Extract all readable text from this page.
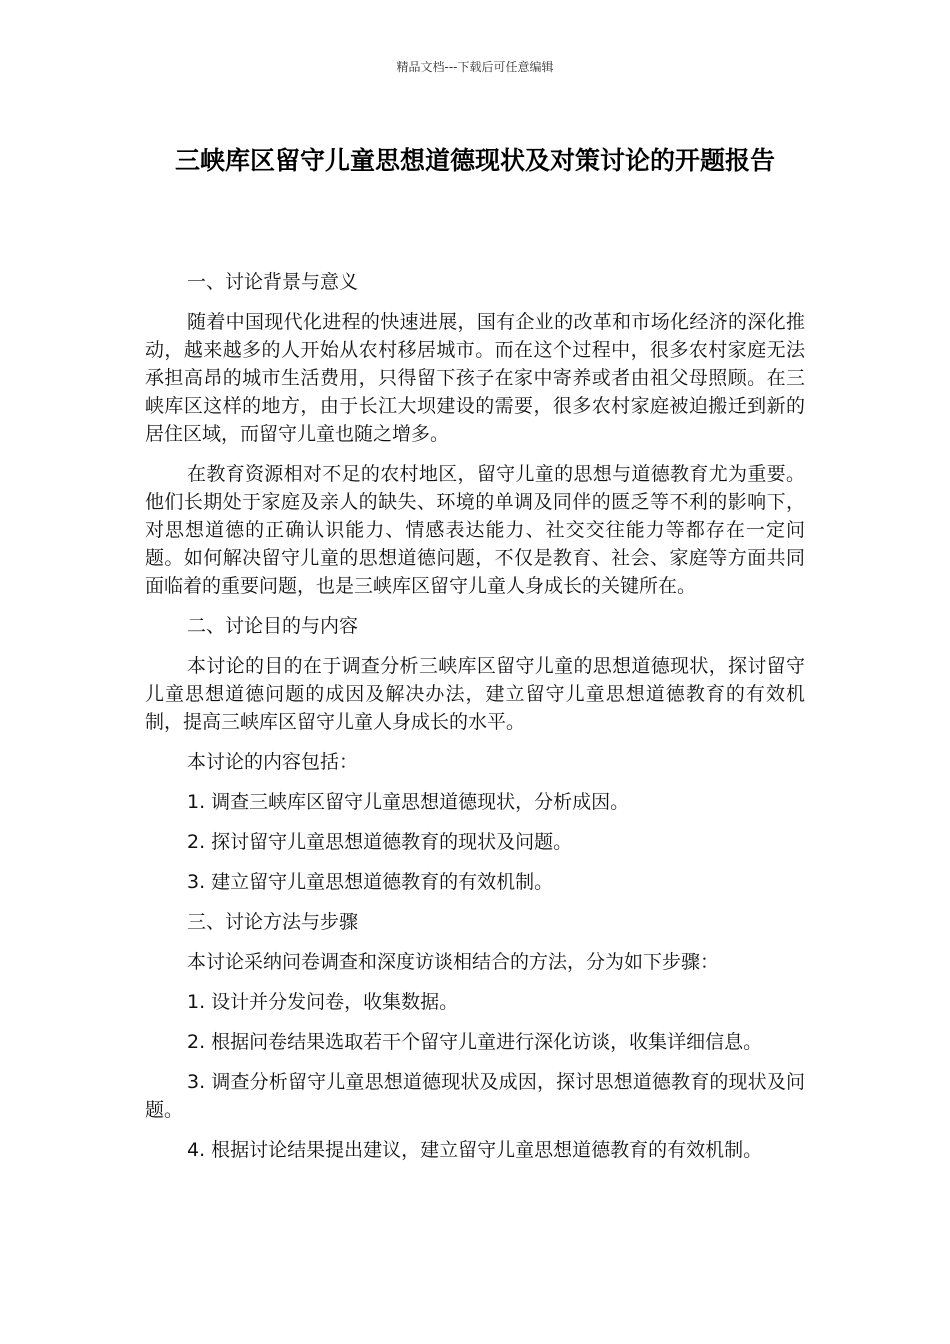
精品文档---下载后可任意编辑
三峡库区留守儿童思想道德现状及对策讨论的开题报告

一、讨论背景与意义

随着中国现代化进程的快速进展，国有企业的改革和市场化经济的深化推动，越来越多的人开始从农村移居城市。而在这个过程中，很多农村家庭无法承担高昂的城市生活费用，只得留下孩子在家中寄养或者由祖父母照顾。在三峡库区这样的地方，由于长江大坝建设的需要，很多农村家庭被迫搬迁到新的居住区域，而留守儿童也随之增多。

在教育资源相对不足的农村地区，留守儿童的思想与道德教育尤为重要。他们长期处于家庭及亲人的缺失、环境的单调及同伴的匮乏等不利的影响下，对思想道德的正确认识能力、情感表达能力、社交交往能力等都存在一定问题。如何解决留守儿童的思想道德问题，不仅是教育、社会、家庭等方面共同面临着的重要问题，也是三峡库区留守儿童人身成长的关键所在。

二、讨论目的与内容

本讨论的目的在于调查分析三峡库区留守儿童的思想道德现状，探讨留守儿童思想道德问题的成因及解决办法，建立留守儿童思想道德教育的有效机制，提高三峡库区留守儿童人身成长的水平。

本讨论的内容包括：

1. 调查三峡库区留守儿童思想道德现状，分析成因。

2. 探讨留守儿童思想道德教育的现状及问题。

3. 建立留守儿童思想道德教育的有效机制。

三、讨论方法与步骤

本讨论采纳问卷调查和深度访谈相结合的方法，分为如下步骤：

1. 设计并分发问卷，收集数据。

2. 根据问卷结果选取若干个留守儿童进行深化访谈，收集详细信息。

3. 调查分析留守儿童思想道德现状及成因，探讨思想道德教育的现状及问题。

4. 根据讨论结果提出建议，建立留守儿童思想道德教育的有效机制。
